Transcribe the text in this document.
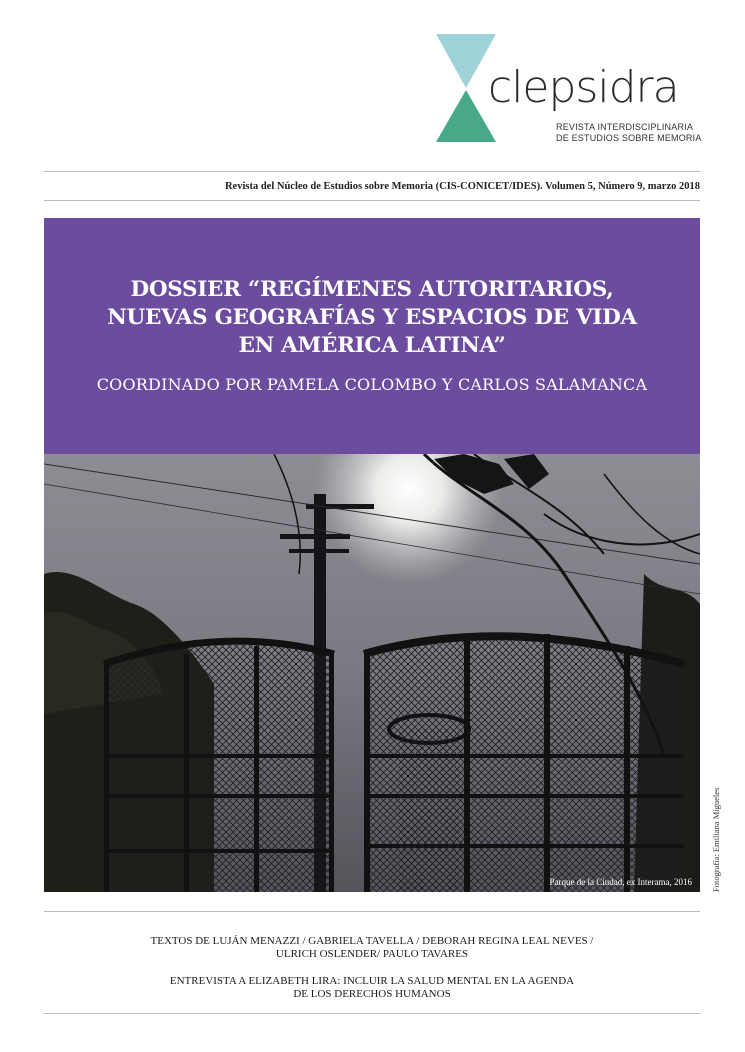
clepsidra
REVISTA INTERDISCIPLINARIA
DE ESTUDIOS SOBRE MEMORIA
Revista del Núcleo de Estudios sobre Memoria (CIS-CONICET/IDES). Volumen 5, Número 9, marzo 2018
DOSSIER “REGÍMENES AUTORITARIOS,
NUEVAS GEOGRAFÍAS Y ESPACIOS DE VIDA
EN AMÉRICA LATINA”
COORDINADO POR PAMELA COLOMBO Y CARLOS SALAMANCA
Parque de la Ciudad, ex Interama, 2016 Fotografía: Emiliana Mígueles
TEXTOS DE LUJÁN MENAZZI / GABRIELA TAVELLA / DEBORAH REGINA LEAL NEVES /
ULRICH OSLENDER/ PAULO TAVARES
ENTREVISTA A ELIZABETH LIRA: INCLUIR LA SALUD MENTAL EN LA AGENDA
DE LOS DERECHOS HUMANOS
